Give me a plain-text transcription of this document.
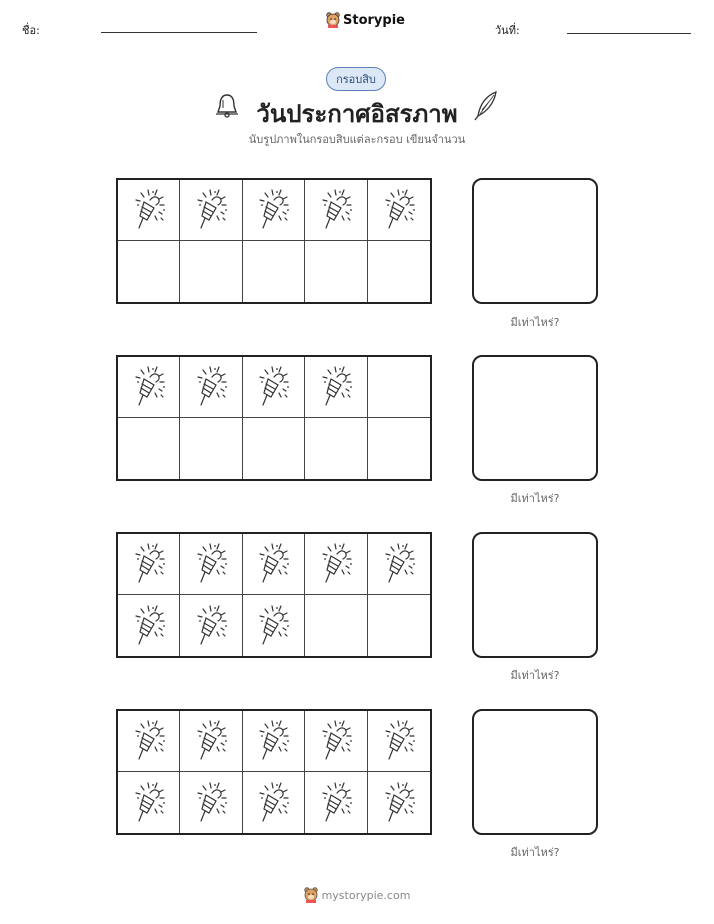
ชื่อ:
Storypie
วันที่:
กรอบสิบ
วันประกาศอิสรภาพ
นับรูปภาพในกรอบสิบแต่ละกรอบ เขียนจำนวน
มีเท่าไหร่?
มีเท่าไหร่?
มีเท่าไหร่?
มีเท่าไหร่?
mystorypie.com
